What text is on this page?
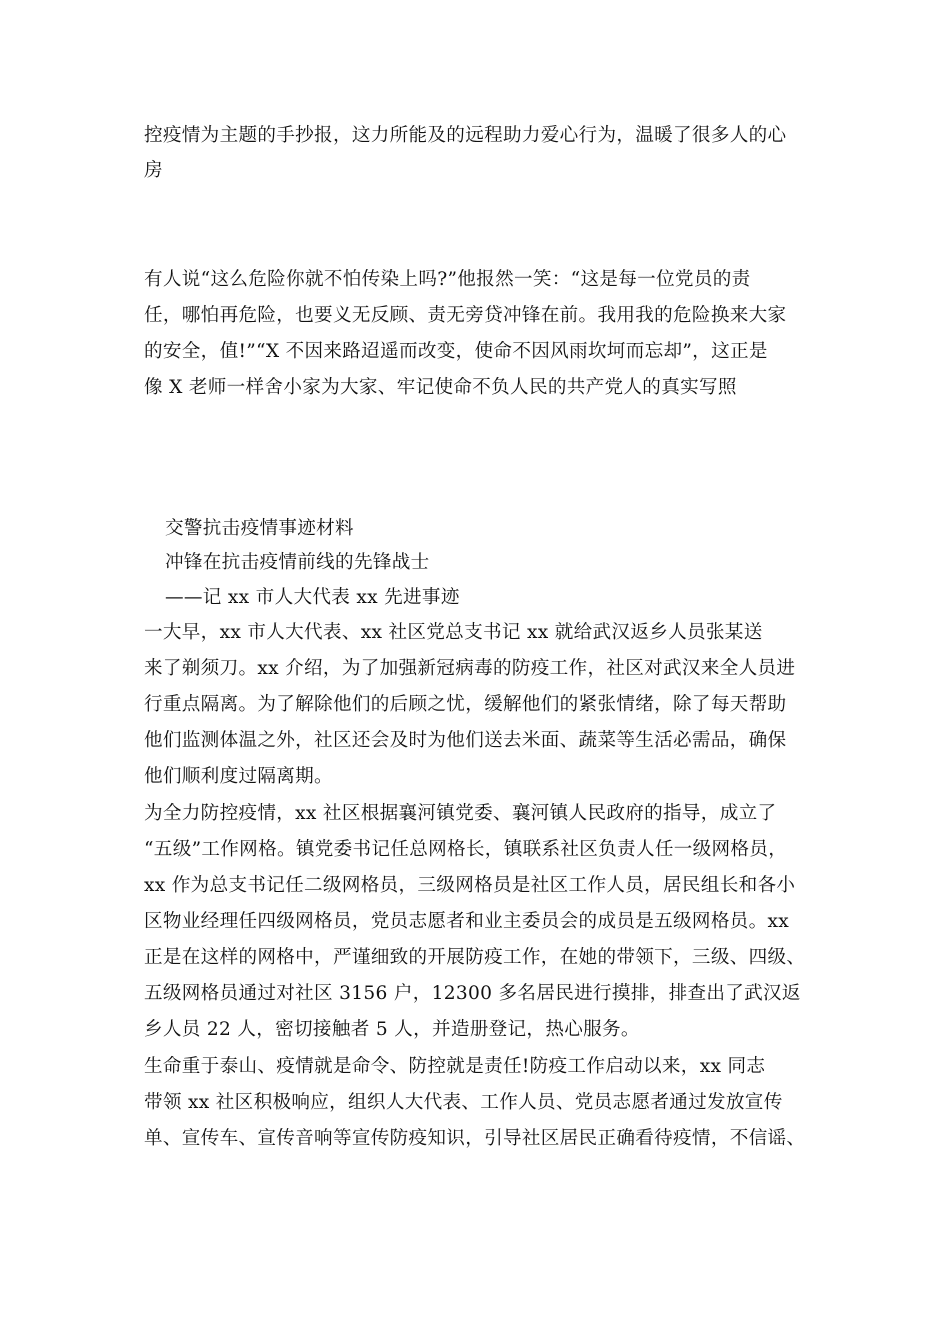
控疫情为主题的手抄报，这力所能及的远程助力爱心行为，温暖了很多人的心
房
有人说“这么危险你就不怕传染上吗?”他报然一笑：“这是每一位党员的责
任，哪怕再危险，也要义无反顾、责无旁贷冲锋在前。我用我的危险换来大家
的安全，值!”“X 不因来路迢遥而改变，使命不因风雨坎坷而忘却”，这正是
像 X 老师一样舍小家为大家、牢记使命不负人民的共产党人的真实写照
交警抗击疫情事迹材料
冲锋在抗击疫情前线的先锋战士
——记 xx 市人大代表 xx 先进事迹
一大早，xx 市人大代表、xx 社区党总支书记 xx 就给武汉返乡人员张某送
来了剃须刀。xx 介绍，为了加强新冠病毒的防疫工作，社区对武汉来全人员进
行重点隔离。为了解除他们的后顾之忧，缓解他们的紧张情绪，除了每天帮助
他们监测体温之外，社区还会及时为他们送去米面、蔬菜等生活必需品，确保
他们顺利度过隔离期。
为全力防控疫情，xx 社区根据襄河镇党委、襄河镇人民政府的指导，成立了
“五级”工作网格。镇党委书记任总网格长，镇联系社区负责人任一级网格员，
xx 作为总支书记任二级网格员，三级网格员是社区工作人员，居民组长和各小
区物业经理任四级网格员，党员志愿者和业主委员会的成员是五级网格员。xx
正是在这样的网格中，严谨细致的开展防疫工作，在她的带领下，三级、四级、
五级网格员通过对社区 3156 户，12300 多名居民进行摸排，排查出了武汉返
乡人员 22 人，密切接触者 5 人，并造册登记，热心服务。
生命重于泰山、疫情就是命令、防控就是责任!防疫工作启动以来，xx 同志
带领 xx 社区积极响应，组织人大代表、工作人员、党员志愿者通过发放宣传
单、宣传车、宣传音响等宣传防疫知识，引导社区居民正确看待疫情，不信谣、
